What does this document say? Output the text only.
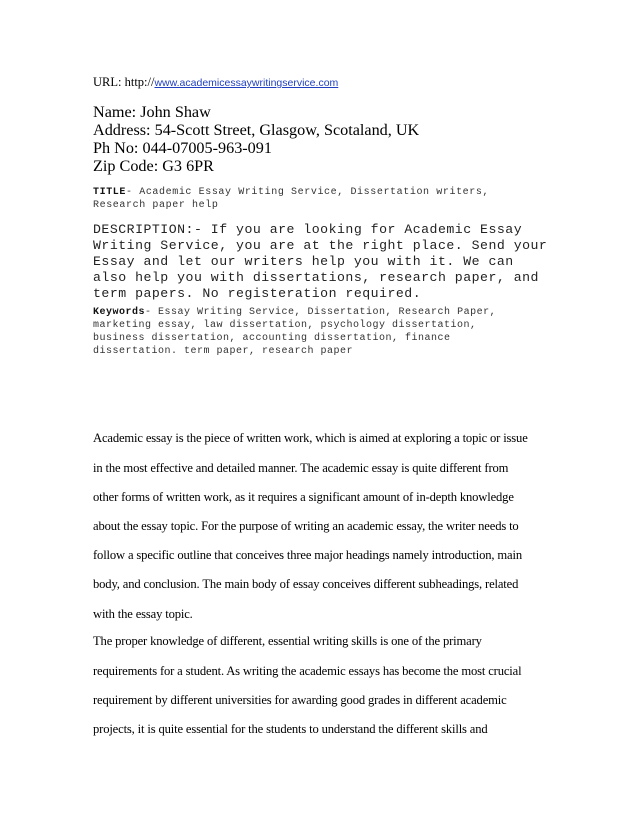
URL: http://www.academicessaywritingservice.com
Name: John Shaw
Address: 54-Scott Street, Glasgow, Scotaland, UK
Ph No: 044-07005-963-091
Zip Code: G3 6PR
TITLE- Academic Essay Writing Service, Dissertation writers, Research paper help
DESCRIPTION:- If you are looking for Academic Essay Writing Service, you are at the right place. Send your Essay and let our writers help you with it. We can also help you with dissertations, research paper, and term papers. No registeration required.
Keywords- Essay Writing Service, Dissertation, Research Paper, marketing essay, law dissertation, psychology dissertation, business dissertation, accounting dissertation, finance dissertation. term paper, research paper
Academic essay is the piece of written work, which is aimed at exploring a topic or issue
in the most effective and detailed manner. The academic essay is quite different from
other forms of written work, as it requires a significant amount of in-depth knowledge
about the essay topic. For the purpose of writing an academic essay, the writer needs to
follow a specific outline that conceives three major headings namely introduction, main
body, and conclusion. The main body of essay conceives different subheadings, related
with the essay topic.
The proper knowledge of different, essential writing skills is one of the primary
requirements for a student. As writing the academic essays has become the most crucial
requirement by different universities for awarding good grades in different academic
projects, it is quite essential for the students to understand the different skills and
